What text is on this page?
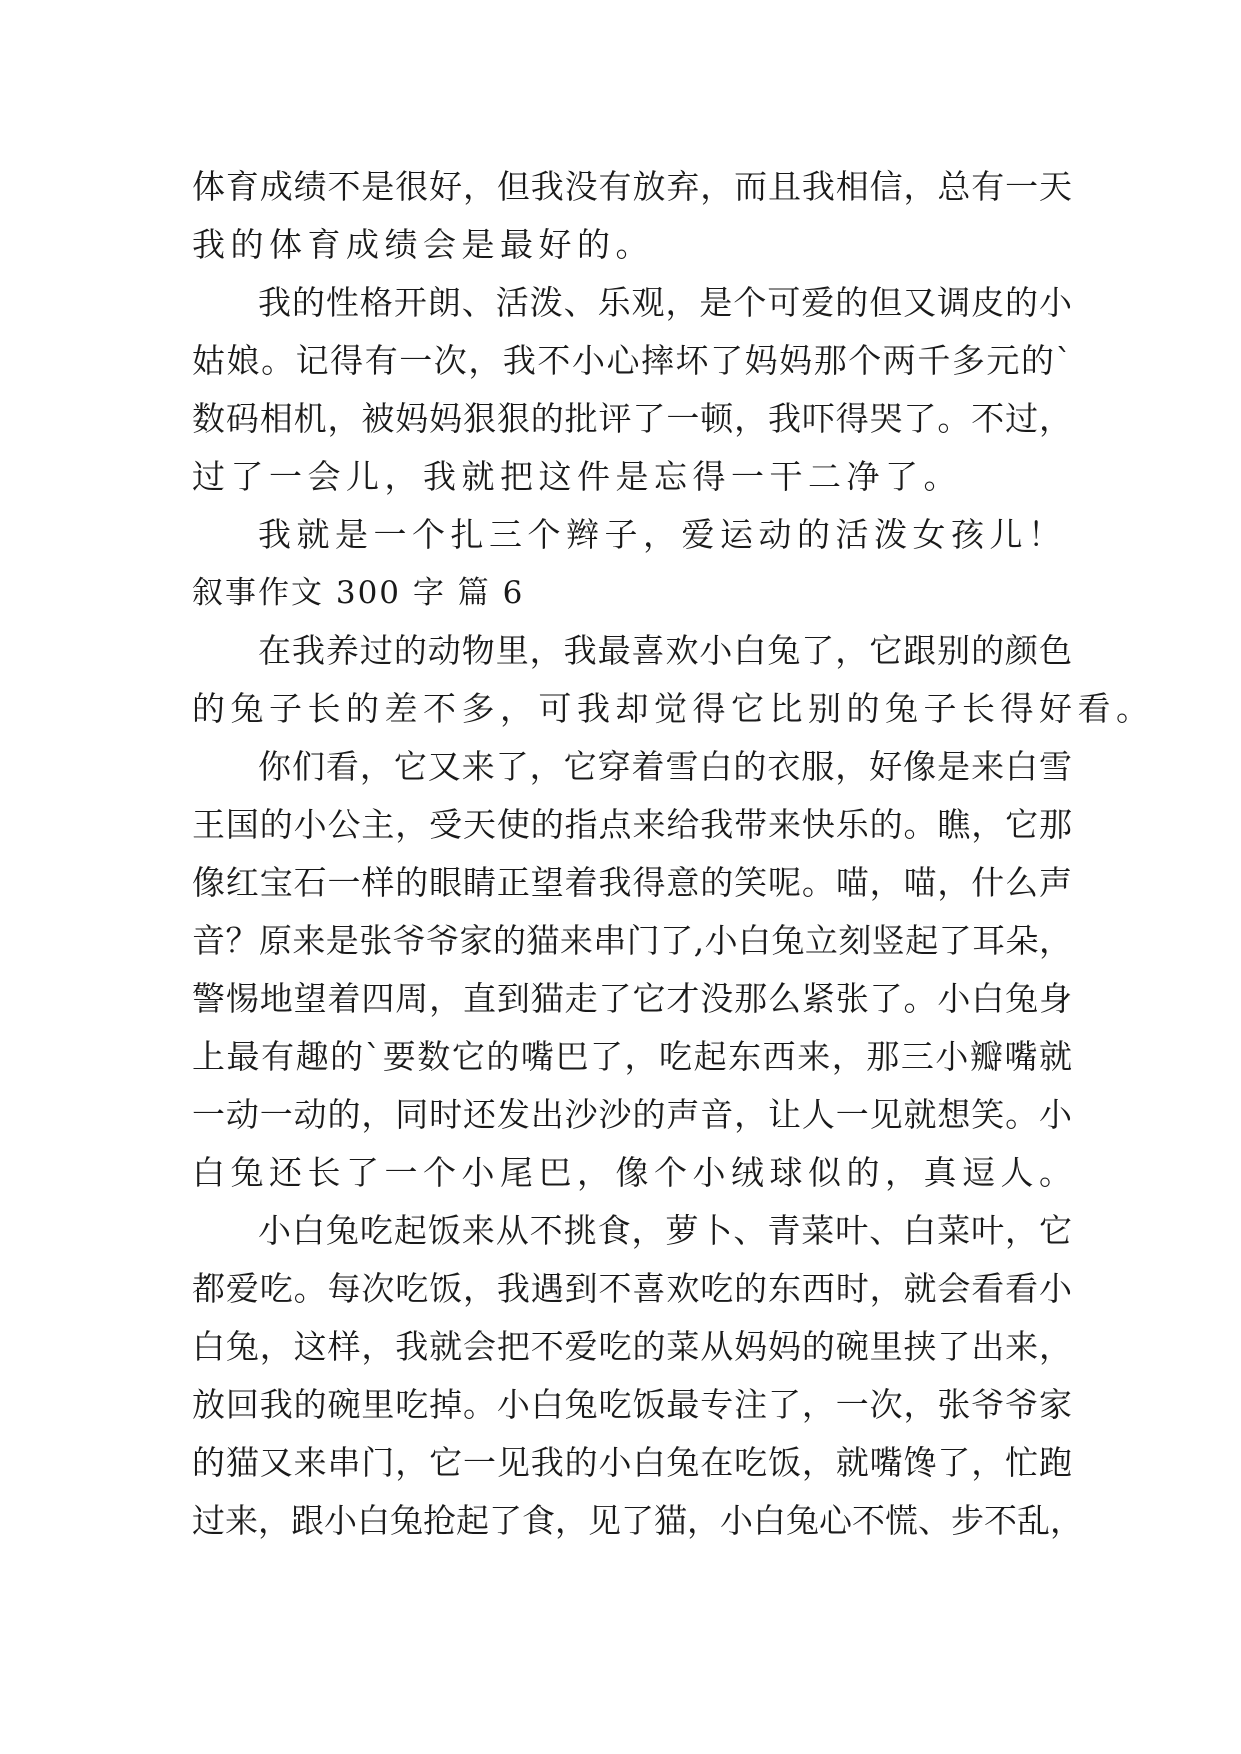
体育成绩不是很好，但我没有放弃，而且我相信，总有一天
我的体育成绩会是最好的。
我的性格开朗、活泼、乐观，是个可爱的但又调皮的小
姑娘。记得有一次，我不小心摔坏了妈妈那个两千多元的`
数码相机，被妈妈狠狠的批评了一顿，我吓得哭了。不过，
过了一会儿，我就把这件是忘得一干二净了。
我就是一个扎三个辫子，爱运动的活泼女孩儿！
叙事作文 300 字 篇 6
在我养过的动物里，我最喜欢小白兔了，它跟别的颜色
的兔子长的差不多，可我却觉得它比别的兔子长得好看。
你们看，它又来了，它穿着雪白的衣服，好像是来白雪
王国的小公主，受天使的指点来给我带来快乐的。瞧，它那
像红宝石一样的眼睛正望着我得意的笑呢。喵，喵，什么声
音？原来是张爷爷家的猫来串门了,小白兔立刻竖起了耳朵，
警惕地望着四周，直到猫走了它才没那么紧张了。小白兔身
上最有趣的`要数它的嘴巴了，吃起东西来，那三小瓣嘴就
一动一动的，同时还发出沙沙的声音，让人一见就想笑。小
白兔还长了一个小尾巴，像个小绒球似的，真逗人。
小白兔吃起饭来从不挑食，萝卜、青菜叶、白菜叶，它
都爱吃。每次吃饭，我遇到不喜欢吃的东西时，就会看看小
白兔，这样，我就会把不爱吃的菜从妈妈的碗里挟了出来，
放回我的碗里吃掉。小白兔吃饭最专注了，一次，张爷爷家
的猫又来串门，它一见我的小白兔在吃饭，就嘴馋了，忙跑
过来，跟小白兔抢起了食，见了猫，小白兔心不慌、步不乱，
